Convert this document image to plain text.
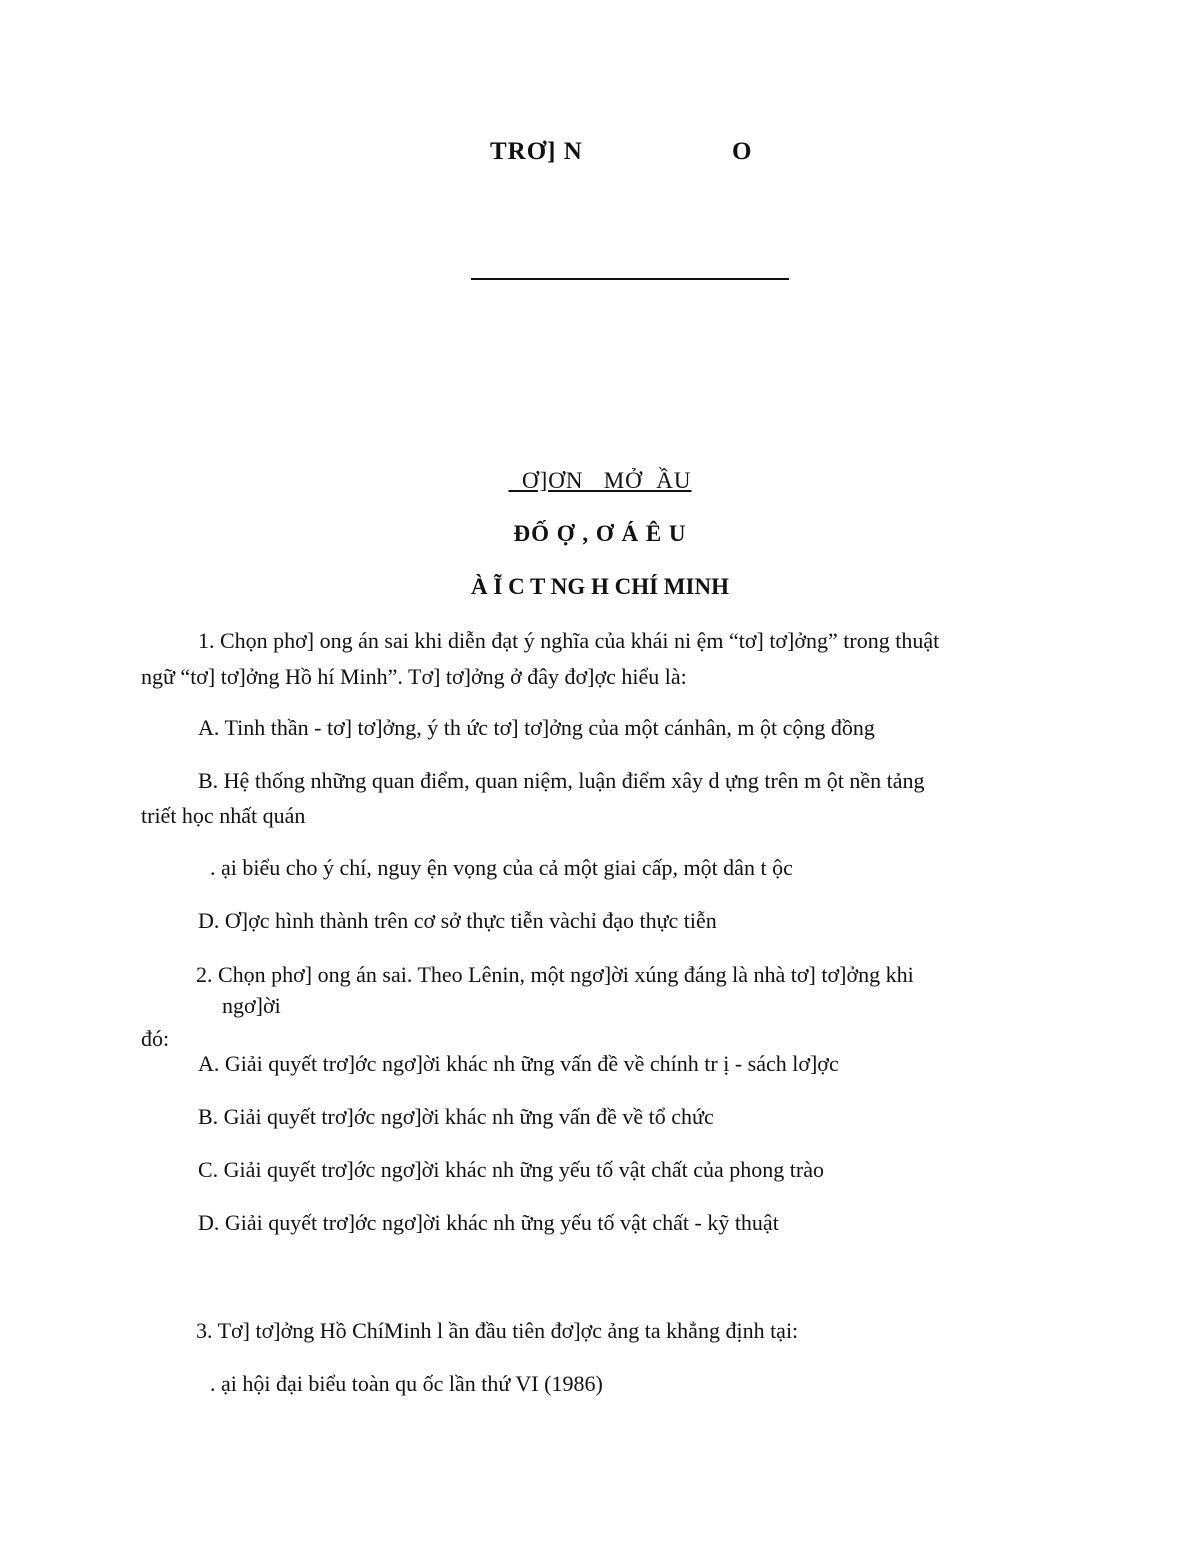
TRƠ] N	O
Ơ]ƠN   MỞ  ẦU
ĐỐ Ợ , Ơ Á Ê U
À Ĩ C T NG H CHÍ MINH
1. Chọn phơ] ong án sai khi diễn đạt ý nghĩa của khái ni ệm “tơ] tơ]ởng” trong thuật
ngữ “tơ] tơ]ởng Hồ hí Minh”. Tơ] tơ]ởng ở đây đơ]ợc hiểu là:
A. Tinh thần - tơ] tơ]ởng, ý th ức tơ] tơ]ởng của một cánhân, m ột cộng đồng
B. Hệ thống những quan điểm, quan niệm, luận điểm xây d ựng trên m ột nền tảng
triết học nhất quán
. ại biểu cho ý chí, nguy ện vọng của cả một giai cấp, một dân t ộc
D. Ơ]ợc hình thành trên cơ sở thực tiễn vàchỉ đạo thực tiễn
2. Chọn phơ] ong án sai. Theo Lênin, một ngơ]ời xúng đáng là nhà tơ] tơ]ởng khi
ngơ]ời
đó:
A. Giải quyết trơ]ớc ngơ]ời khác nh ững vấn đề về chính tr ị - sách lơ]ợc
B. Giải quyết trơ]ớc ngơ]ời khác nh ững vấn đề về tổ chức
C. Giải quyết trơ]ớc ngơ]ời khác nh ững yếu tố vật chất của phong trào
D. Giải quyết trơ]ớc ngơ]ời khác nh ững yếu tố vật chất - kỹ thuật
3. Tơ] tơ]ởng Hồ ChíMinh l ần đầu tiên đơ]ợc ảng ta khẳng định tại:
. ại hội đại biểu toàn qu ốc lần thứ VI (1986)
